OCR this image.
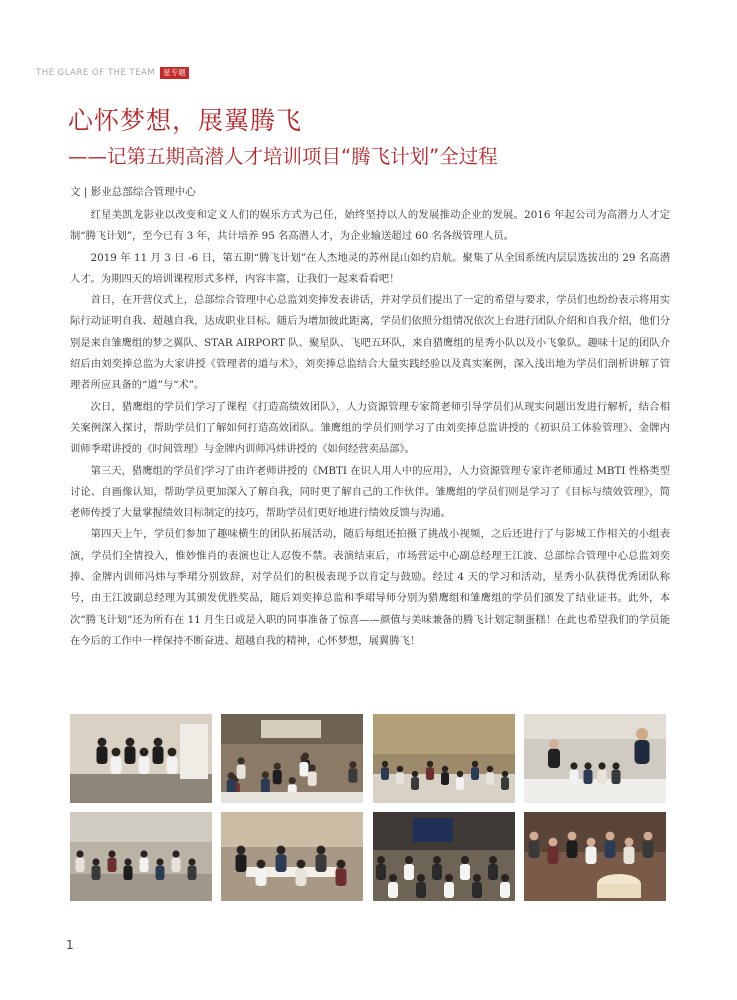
THE GLARE OF THE TEAM	星专题
心怀梦想，展翼腾飞
——记第五期高潜人才培训项目“腾飞计划”全过程
文 | 影业总部综合管理中心

红星美凯龙影业以改变和定义人们的娱乐方式为己任，始终坚持以人的发展推动企业的发展。2016 年起公司为高潜力人才定制“腾飞计划”，至今已有 3 年，共计培养 95 名高潜人才，为企业输送超过 60 名各级管理人员。

2019 年 11 月 3 日 -6 日，第五期“腾飞计划”在人杰地灵的苏州昆山如约启航。聚集了从全国系统内层层选拔出的 29 名高潜人才。为期四天的培训课程形式多样，内容丰富，让我们一起来看看吧！

首日，在开营仪式上，总部综合管理中心总监刘奕捧发表讲话，并对学员们提出了一定的希望与要求，学员们也纷纷表示将用实际行动证明自我、超越自我，达成职业目标。随后为增加彼此距离，学员们依照分组情况依次上台进行团队介绍和自我介绍，他们分别是来自雏鹰组的梦之翼队、STAR AIRPORT 队、聚星队、飞吧五环队，来自猎鹰组的星秀小队以及小飞象队。趣味十足的团队介绍后由刘奕捧总监为大家讲授《管理者的道与术》，刘奕捧总监结合大量实践经验以及真实案例，深入浅出地为学员们剖析讲解了管理者所应具备的“道”与“术”。

次日，猎鹰组的学员们学习了课程《打造高绩效团队》，人力资源管理专家简老师引导学员们从现实问题出发进行解析，结合相关案例深入探讨，帮助学员们了解如何打造高效团队。雏鹰组的学员们则学习了由刘奕捧总监讲授的《初识员工体验管理》、金牌内训师季珺讲授的《时间管理》与金牌内训师冯炜讲授的《如何经营卖品部》。

第三天，猎鹰组的学员们学习了由许老师讲授的《MBTI 在识人用人中的应用》，人力资源管理专家许老师通过 MBTI 性格类型讨论、自画像认知，帮助学员更加深入了解自我，同时更了解自己的工作伙伴。雏鹰组的学员们则是学习了《目标与绩效管理》，简老师传授了大量掌握绩效目标制定的技巧，帮助学员们更好地进行绩效反馈与沟通。

第四天上午，学员们参加了趣味横生的团队拓展活动，随后每组还拍摄了挑战小视频，之后还进行了与影城工作相关的小组表演，学员们全情投入，惟妙惟肖的表演也让人忍俊不禁。表演结束后，市场营运中心副总经理王江波、总部综合管理中心总监刘奕捧、金牌内训师冯炜与季珺分别致辞，对学员们的积极表现予以肯定与鼓励。经过 4 天的学习和活动，星秀小队获得优秀团队称号，由王江波副总经理为其颁发优胜奖品，随后刘奕捧总监和季珺导师分别为猎鹰组和雏鹰组的学员们颁发了结业证书。此外，本次“腾飞计划”还为所有在 11 月生日或是入职的同事准备了惊喜——颜值与美味兼备的腾飞计划定制蛋糕！在此也希望我们的学员能在今后的工作中一样保持不断奋进、超越自我的精神，心怀梦想，展翼腾飞！

1
